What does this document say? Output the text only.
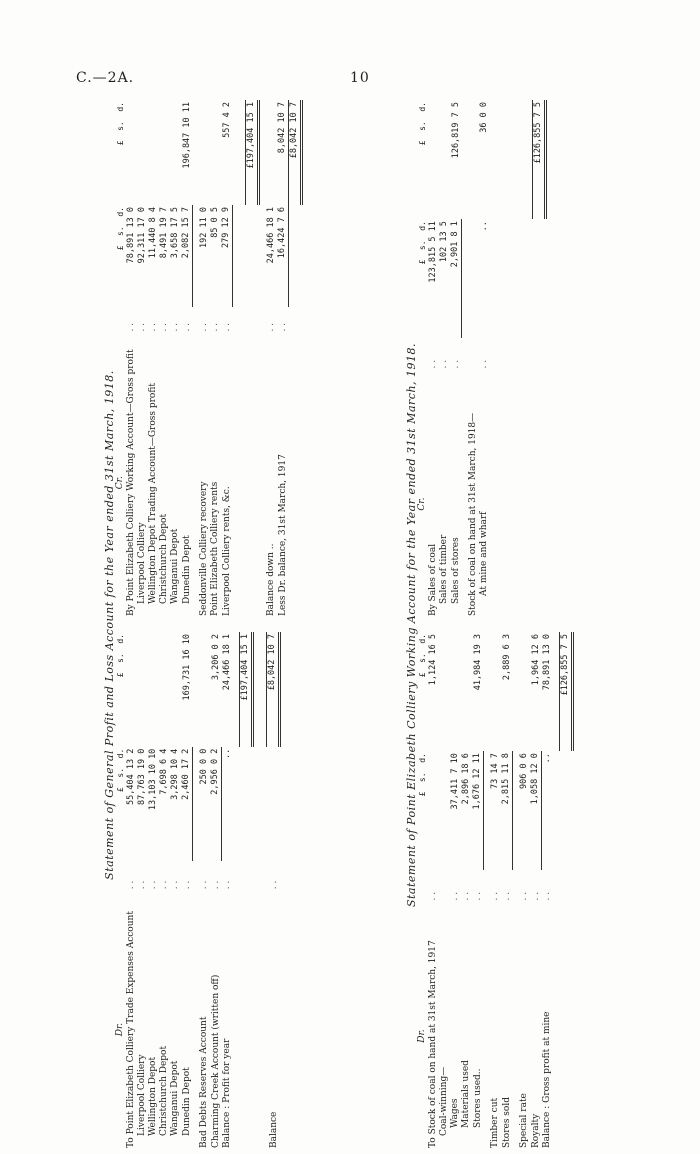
C.—2A.	10
Statement of General Profit and Loss Account for the Year ended 31st March, 1918.
Dr.		£  s.  d.	£  s.  d.
To Point Elizabeth Colliery Trade Expenses Account	. .	55,404 13 2	
Liverpool Colliery	. .	87,763 19 0	
Wellington Depot	. .	13,103 10 10	
Christchurch Depot	. .	7,698 6 4	
Wanganui Depot	. .	3,298 10 4	
Dunedin Depot	. .	2,460 17 2	169,731 16 10

Bad Debts Reserves Account	. .	250 0 0	
Charming Creek Account (written off)	. .	2,956 0 2	3,206 0 2
Balance : Profit for year	. .	..	24,466 18 1

			£197,404 15 1

Balance	. .		£8,042 10 7
Cr.		£  s.  d.	£  s.  d.
By Point Elizabeth Colliery Working Account—Gross profit	. .	78,891 13 0	
Liverpool Colliery	. .	92,311 17 0	
Wellington Depot Trading Account—Gross profit	. .	11,440 8 4	
Christchurch Depot	. .	8,491 19 7	
Wanganui Depot	. .	3,658 17 5	
Dunedin Depot	. .	2,082 15 7	196,847 10 11

Seddonville Colliery recovery	. .	192 11 0	
Point Elizabeth Colliery rents	. .	85 0 5	
Liverpool Colliery rents, &c.	. .	279 12 9	557 4 2

			£197,404 15 1

Balance down ..	. .	24,466 18 1	
Less Dr. balance, 31st March, 1917	. .	16,424 7 6	8,042 10 7
			£8,042 10 7
Statement of Point Elizabeth Colliery Working Account for the Year ended 31st March, 1918.
Dr.		£  s.  d.	£  s.  d.
To Stock of coal on hand at 31st March, 1917	. .		1,124 16 5
Coal-winning—			
Wages	. .	37,411 7 10	
Materials used	. .	2,896 18 6	
Stores used..	. .	1,676 12 11	41,984 19 3

Timber cut	. .	73 14 7	
Stores sold	. .	2,815 11 8	2,889 6 3

Special rate	. .	906 0 6	
Royalty	. .	1,058 12 0	1,964 12 6
Balance : Gross profit at mine	. .	..	78,891 13 0

			£126,855 7 5
Cr.		£  s.  d.	£  s.  d.
By Sales of coal	. .	123,815 5 11	
Sales of timber	. .	102 13 5	
Sales of stores	. .	2,901 8 1	126,819 7 5

Stock of coal on hand at 31st March, 1918—			
At mine and wharf	. .	..	36 0 0

			£126,855 7 5
